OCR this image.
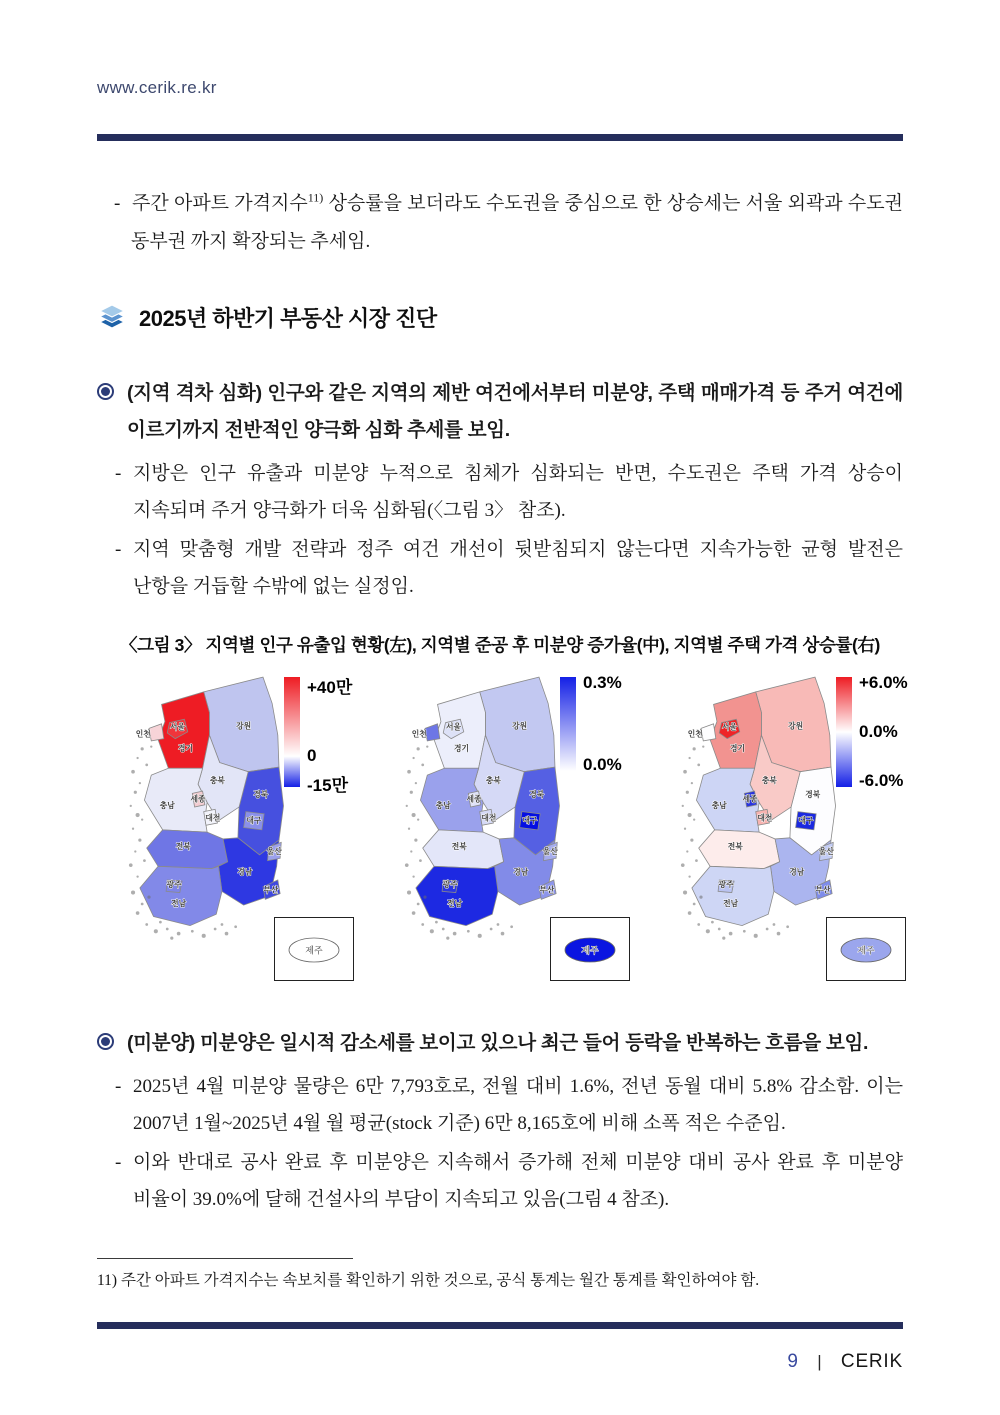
www.cerik.re.kr

- 주간 아파트 가격지수$^{11)}$ 상승률을 보더라도 수도권을 중심으로 한 상승세는 서울 외곽과 수도권 동부권 까지 확장되는 추세임.

2025년 하반기 부동산 시장 진단
(지역 격차 심화) 인구와 같은 지역의 제반 여건에서부터 미분양, 주택 매매가격 등 주거 여건에 이르기까지 전반적인 양극화 심화 추세를 보임.
- 지방은 인구 유출과 미분양 누적으로 침체가 심화되는 반면, 수도권은 주택 가격 상승이 지속되며 주거 양극화가 더욱 심화됨(〈그림 3〉 참조).
- 지역 맞춤형 개발 전략과 정주 여건 개선이 뒷받침되지 않는다면 지속가능한 균형 발전은 난항을 거듭할 수밖에 없는 실정임.
〈그림 3〉 지역별 인구 유출입 현황(左), 지역별 준공 후 미분양 증가율(中), 지역별 주택 가격 상승률(右)
인천
서울
경기
강원
충북
세종
대전
충남
경북
대구
전북
울산
부산
경남
광주
전남
+40만
0
-15만
제주
인천
서울
경기
강원
충북
세종
대전
충남
경북
대구
전북
울산
부산
경남
광주
전남
0.3%
0.0%
제주
인천
서울
경기
강원
충북
세종
대전
충남
경북
대구
전북
울산
부산
경남
광주
전남
+6.0%
0.0%
-6.0%
제주
(미분양) 미분양은 일시적 감소세를 보이고 있으나 최근 들어 등락을 반복하는 흐름을 보임.
- 2025년 4월 미분양 물량은 6만 7,793호로, 전월 대비 1.6%, 전년 동월 대비 5.8% 감소함. 이는 2007년 1월~2025년 4월 월 평균(stock 기준) 6만 8,165호에 비해 소폭 적은 수준임.
- 이와 반대로 공사 완료 후 미분양은 지속해서 증가해 전체 미분양 대비 공사 완료 후 미분양 비율이 39.0%에 달해 건설사의 부담이 지속되고 있음(그림 4 참조).

11) 주간 아파트 가격지수는 속보치를 확인하기 위한 것으로, 공식 통계는 월간 통계를 확인하여야 함.

9 | CERIK
